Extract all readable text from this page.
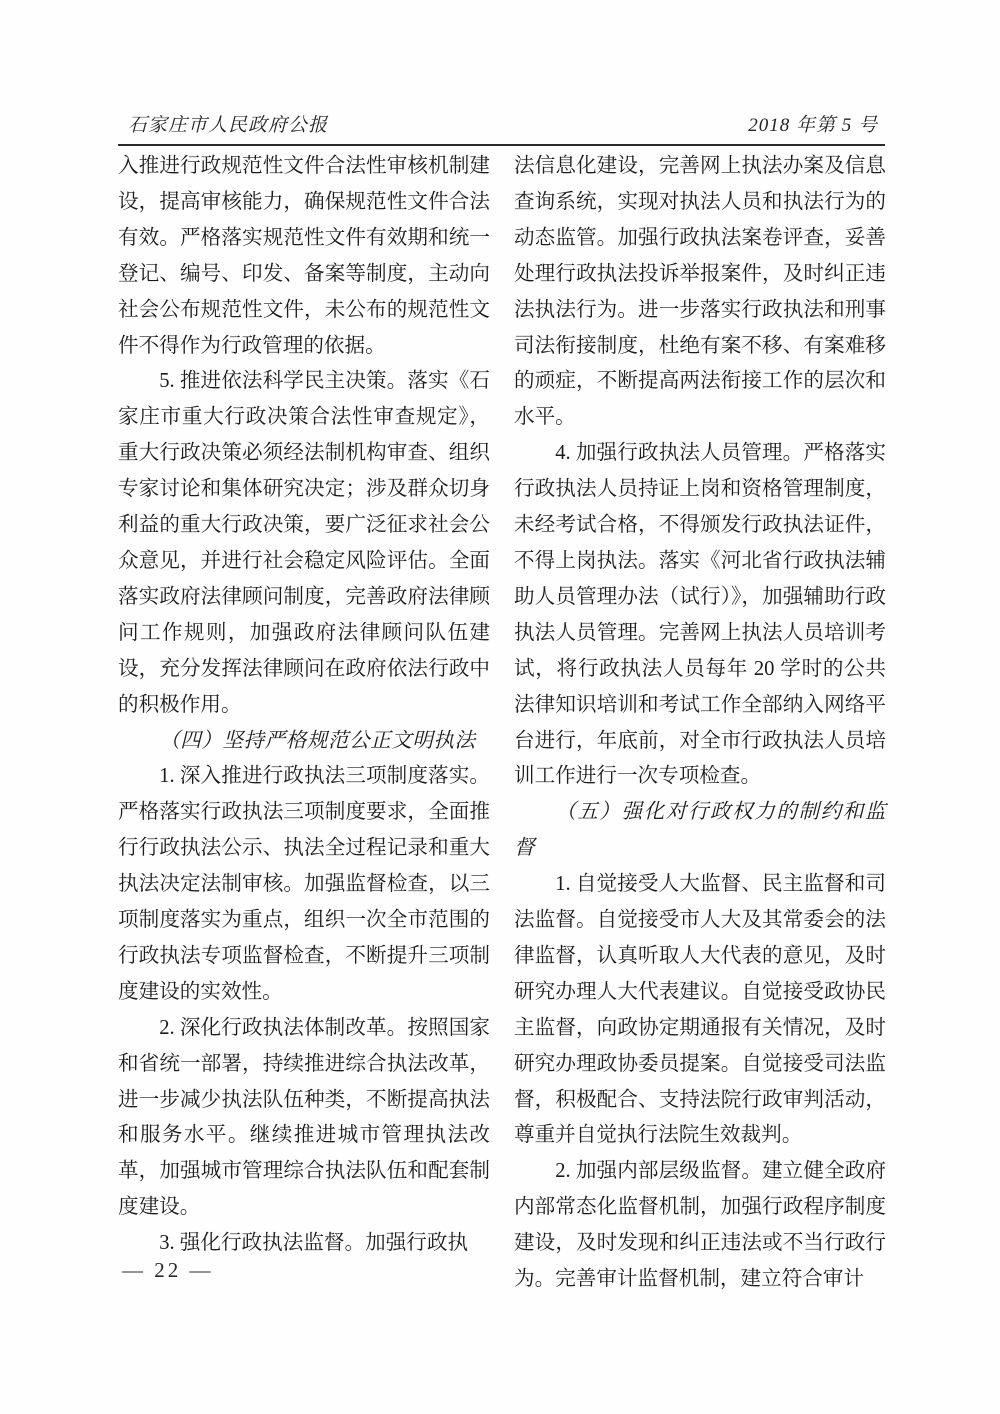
石家庄市人民政府公报	2018 年第 5 号

入推进行政规范性文件合法性审核机制建设，提高审核能力，确保规范性文件合法有效。严格落实规范性文件有效期和统一登记、编号、印发、备案等制度，主动向社会公布规范性文件，未公布的规范性文件不得作为行政管理的依据。

5. 推进依法科学民主决策。落实《石家庄市重大行政决策合法性审查规定》，重大行政决策必须经法制机构审查、组织专家讨论和集体研究决定；涉及群众切身利益的重大行政决策，要广泛征求社会公众意见，并进行社会稳定风险评估。全面落实政府法律顾问制度，完善政府法律顾问工作规则，加强政府法律顾问队伍建设，充分发挥法律顾问在政府依法行政中的积极作用。

（四）坚持严格规范公正文明执法

1. 深入推进行政执法三项制度落实。严格落实行政执法三项制度要求，全面推行行政执法公示、执法全过程记录和重大执法决定法制审核。加强监督检查，以三项制度落实为重点，组织一次全市范围的行政执法专项监督检查，不断提升三项制度建设的实效性。

2. 深化行政执法体制改革。按照国家和省统一部署，持续推进综合执法改革，进一步减少执法队伍种类，不断提高执法和服务水平。继续推进城市管理执法改革，加强城市管理综合执法队伍和配套制度建设。

3. 强化行政执法监督。加强行政执

法信息化建设，完善网上执法办案及信息查询系统，实现对执法人员和执法行为的动态监管。加强行政执法案卷评查，妥善处理行政执法投诉举报案件，及时纠正违法执法行为。进一步落实行政执法和刑事司法衔接制度，杜绝有案不移、有案难移的顽症，不断提高两法衔接工作的层次和水平。

4. 加强行政执法人员管理。严格落实行政执法人员持证上岗和资格管理制度，未经考试合格，不得颁发行政执法证件，不得上岗执法。落实《河北省行政执法辅助人员管理办法（试行）》，加强辅助行政执法人员管理。完善网上执法人员培训考试，将行政执法人员每年 20 学时的公共法律知识培训和考试工作全部纳入网络平台进行，年底前，对全市行政执法人员培训工作进行一次专项检查。

（五）强化对行政权力的制约和监督

1. 自觉接受人大监督、民主监督和司法监督。自觉接受市人大及其常委会的法律监督，认真听取人大代表的意见，及时研究办理人大代表建议。自觉接受政协民主监督，向政协定期通报有关情况，及时研究办理政协委员提案。自觉接受司法监督，积极配合、支持法院行政审判活动，尊重并自觉执行法院生效裁判。

2. 加强内部层级监督。建立健全政府内部常态化监督机制，加强行政程序制度建设，及时发现和纠正违法或不当行政行为。完善审计监督机制，建立符合审计

— 22 —
